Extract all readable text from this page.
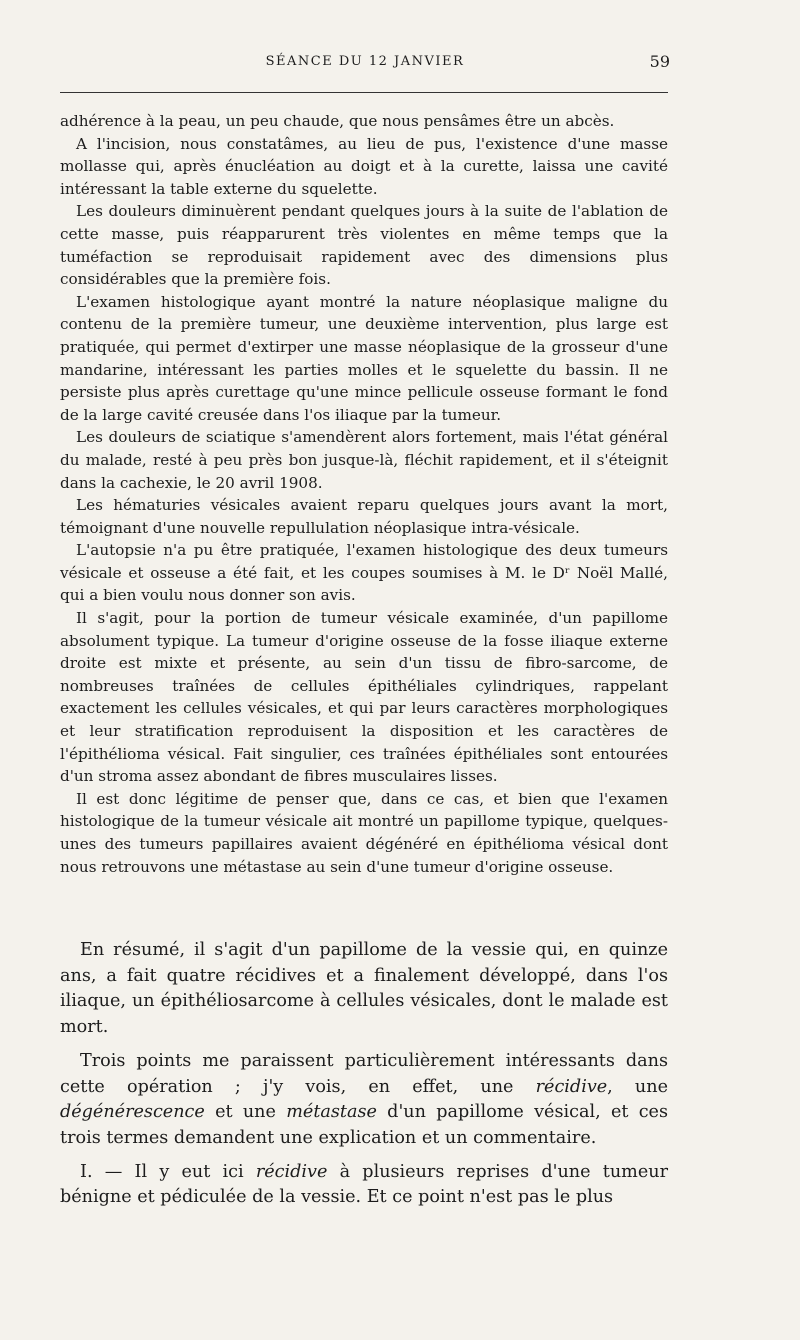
SÉANCE DU 12 JANVIER	59

adhérence à la peau, un peu chaude, que nous pensâmes être un abcès.

A l'incision, nous constatâmes, au lieu de pus, l'existence d'une masse mollasse qui, après énucléation au doigt et à la curette, laissa une cavité intéressant la table externe du squelette.

Les douleurs diminuèrent pendant quelques jours à la suite de l'ablation de cette masse, puis réapparurent très violentes en même temps que la tuméfaction se reproduisait rapidement avec des dimensions plus considérables que la première fois.

L'examen histologique ayant montré la nature néoplasique maligne du contenu de la première tumeur, une deuxième intervention, plus large est pratiquée, qui permet d'extirper une masse néoplasique de la grosseur d'une mandarine, intéressant les parties molles et le squelette du bassin. Il ne persiste plus après curettage qu'une mince pellicule osseuse formant le fond de la large cavité creusée dans l'os iliaque par la tumeur.

Les douleurs de sciatique s'amendèrent alors fortement, mais l'état général du malade, resté à peu près bon jusque-là, fléchit rapidement, et il s'éteignit dans la cachexie, le 20 avril 1908.

Les hématuries vésicales avaient reparu quelques jours avant la mort, témoignant d'une nouvelle repullulation néoplasique intra-vésicale.

L'autopsie n'a pu être pratiquée, l'examen histologique des deux tumeurs vésicale et osseuse a été fait, et les coupes soumises à M. le Dʳ Noël Mallé, qui a bien voulu nous donner son avis.

Il s'agit, pour la portion de tumeur vésicale examinée, d'un papillome absolument typique. La tumeur d'origine osseuse de la fosse iliaque externe droite est mixte et présente, au sein d'un tissu de fibro-sarcome, de nombreuses traînées de cellules épithéliales cylindriques, rappelant exactement les cellules vésicales, et qui par leurs caractères morphologiques et leur stratification reproduisent la disposition et les caractères de l'épithélioma vésical. Fait singulier, ces traînées épithéliales sont entourées d'un stroma assez abondant de fibres musculaires lisses.

Il est donc légitime de penser que, dans ce cas, et bien que l'examen histologique de la tumeur vésicale ait montré un papillome typique, quelques-unes des tumeurs papillaires avaient dégénéré en épithélioma vésical dont nous retrouvons une métastase au sein d'une tumeur d'origine osseuse.

En résumé, il s'agit d'un papillome de la vessie qui, en quinze ans, a fait quatre récidives et a finalement développé, dans l'os iliaque, un épithéliosarcome à cellules vésicales, dont le malade est mort.

Trois points me paraissent particulièrement intéressants dans cette opération ; j'y vois, en effet, une récidive, une dégénérescence et une métastase d'un papillome vésical, et ces trois termes demandent une explication et un commentaire.

I. — Il y eut ici récidive à plusieurs reprises d'une tumeur bénigne et pédiculée de la vessie. Et ce point n'est pas le plus
